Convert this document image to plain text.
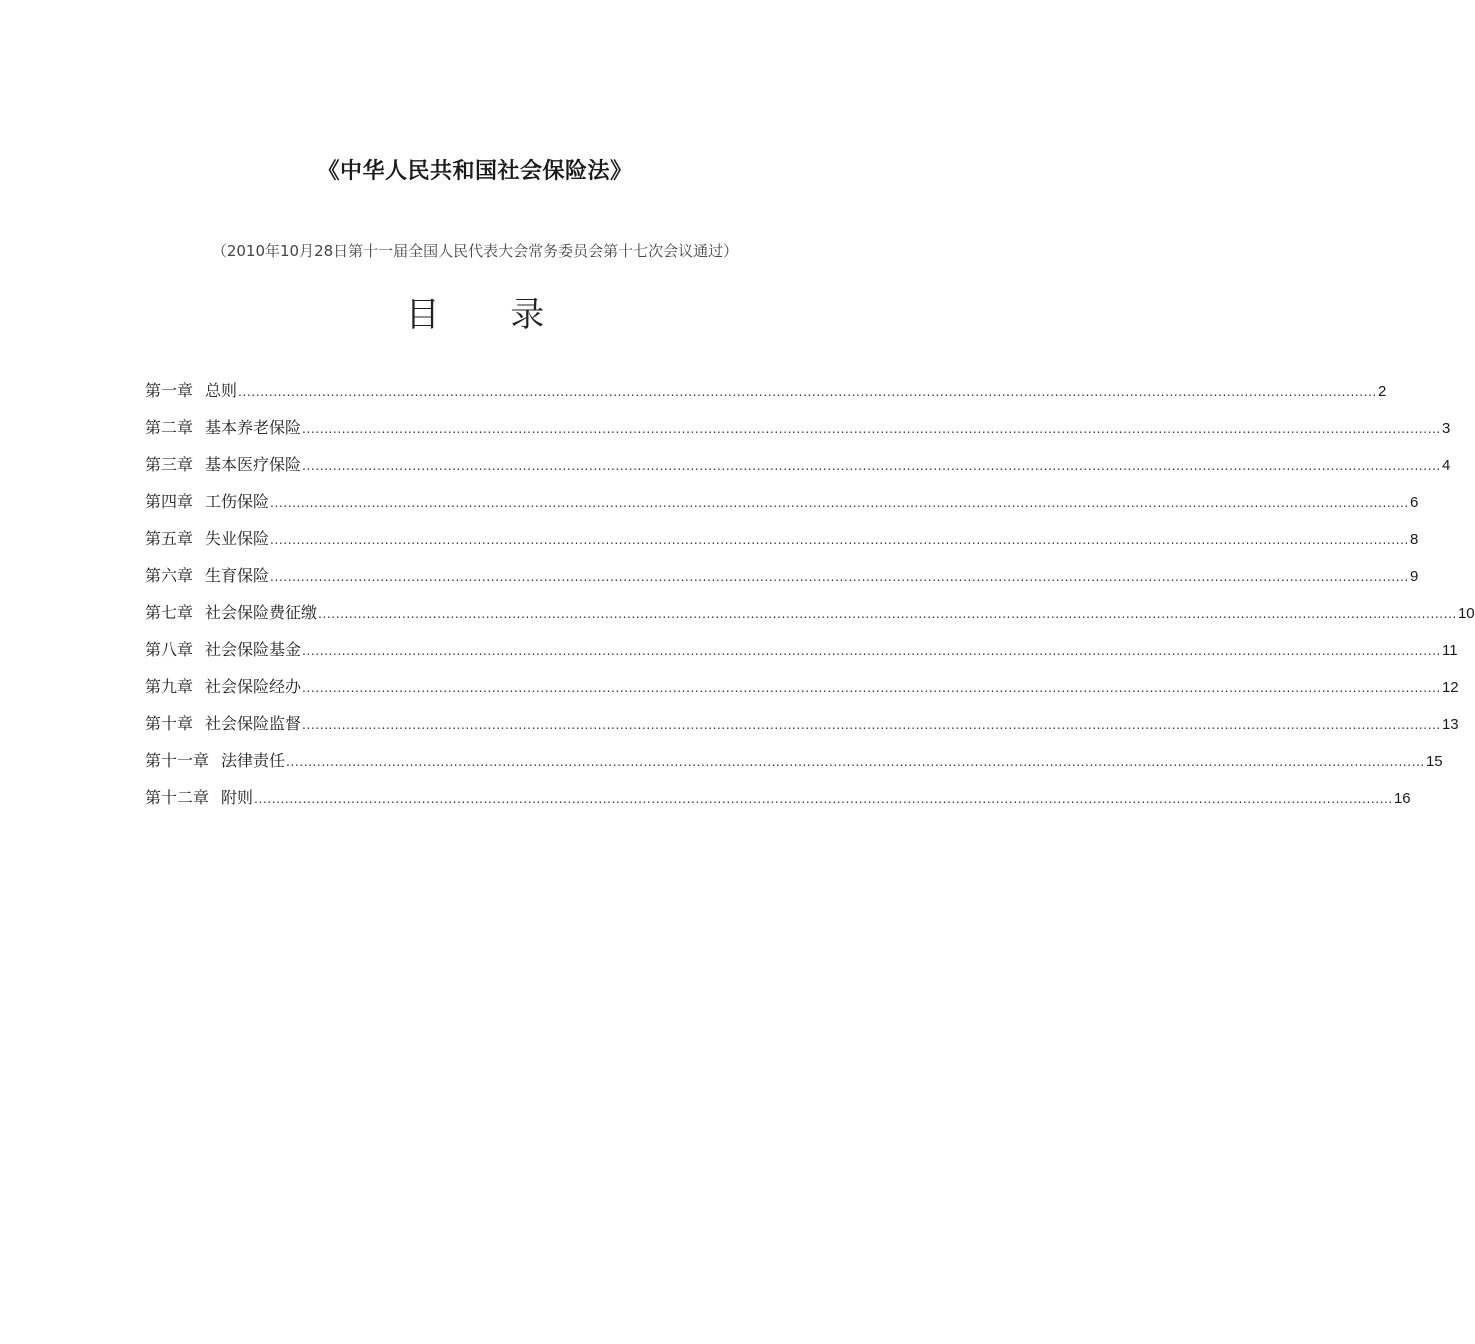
《中华人民共和国社会保险法》
（2010年10月28日第十一届全国人民代表大会常务委员会第十七次会议通过）
目 录
第一章 总则 .................................................................................................................................................................................................................................................................. 2
第二章 基本养老保险 .................................................................................................................................................................................................................................................................. 3
第三章 基本医疗保险 .................................................................................................................................................................................................................................................................. 4
第四章 工伤保险 .................................................................................................................................................................................................................................................................. 6
第五章 失业保险 .................................................................................................................................................................................................................................................................. 8
第六章 生育保险 .................................................................................................................................................................................................................................................................. 9
第七章 社会保险费征缴 .................................................................................................................................................................................................................................................................. 10
第八章 社会保险基金 .................................................................................................................................................................................................................................................................. 11
第九章 社会保险经办 .................................................................................................................................................................................................................................................................. 12
第十章 社会保险监督 .................................................................................................................................................................................................................................................................. 13
第十一章 法律责任 .................................................................................................................................................................................................................................................................. 15
第十二章 附则 .................................................................................................................................................................................................................................................................. 16
